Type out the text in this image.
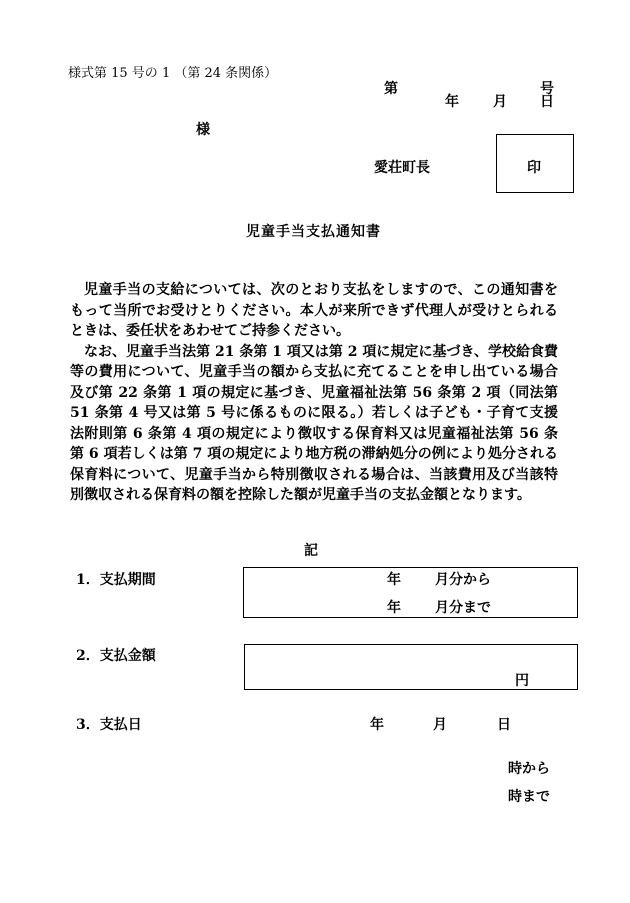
様式第 15 号の 1 （第 24 条関係）
第	号
年 月 日
様
愛荘町長	印
児童手当支払通知書

児童手当の支給については、次のとおり支払をしますので、この通知書をもって当所でお受けとりください。本人が来所できず代理人が受けとられるときは、委任状をあわせてご持参ください。

なお、児童手当法第 21 条第 1 項又は第 2 項に規定に基づき、学校給食費等の費用について、児童手当の額から支払に充てることを申し出ている場合及び第 22 条第 1 項の規定に基づき、児童福祉法第 56 条第 2 項（同法第 51 条第 4 号又は第 5 号に係るものに限る。）若しくは子ども・子育て支援法附則第 6 条第 4 項の規定により徴収する保育料又は児童福祉法第 56 条第 6 項若しくは第 7 項の規定により地方税の滞納処分の例により処分される保育料について、児童手当から特別徴収される場合は、当該費用及び当該特別徴収される保育料の額を控除した額が児童手当の支払金額となります。

記
1．支払期間	年 月分から
年 月分まで
2．支払金額
円
3．支払日	年	月	日
時から
時まで
